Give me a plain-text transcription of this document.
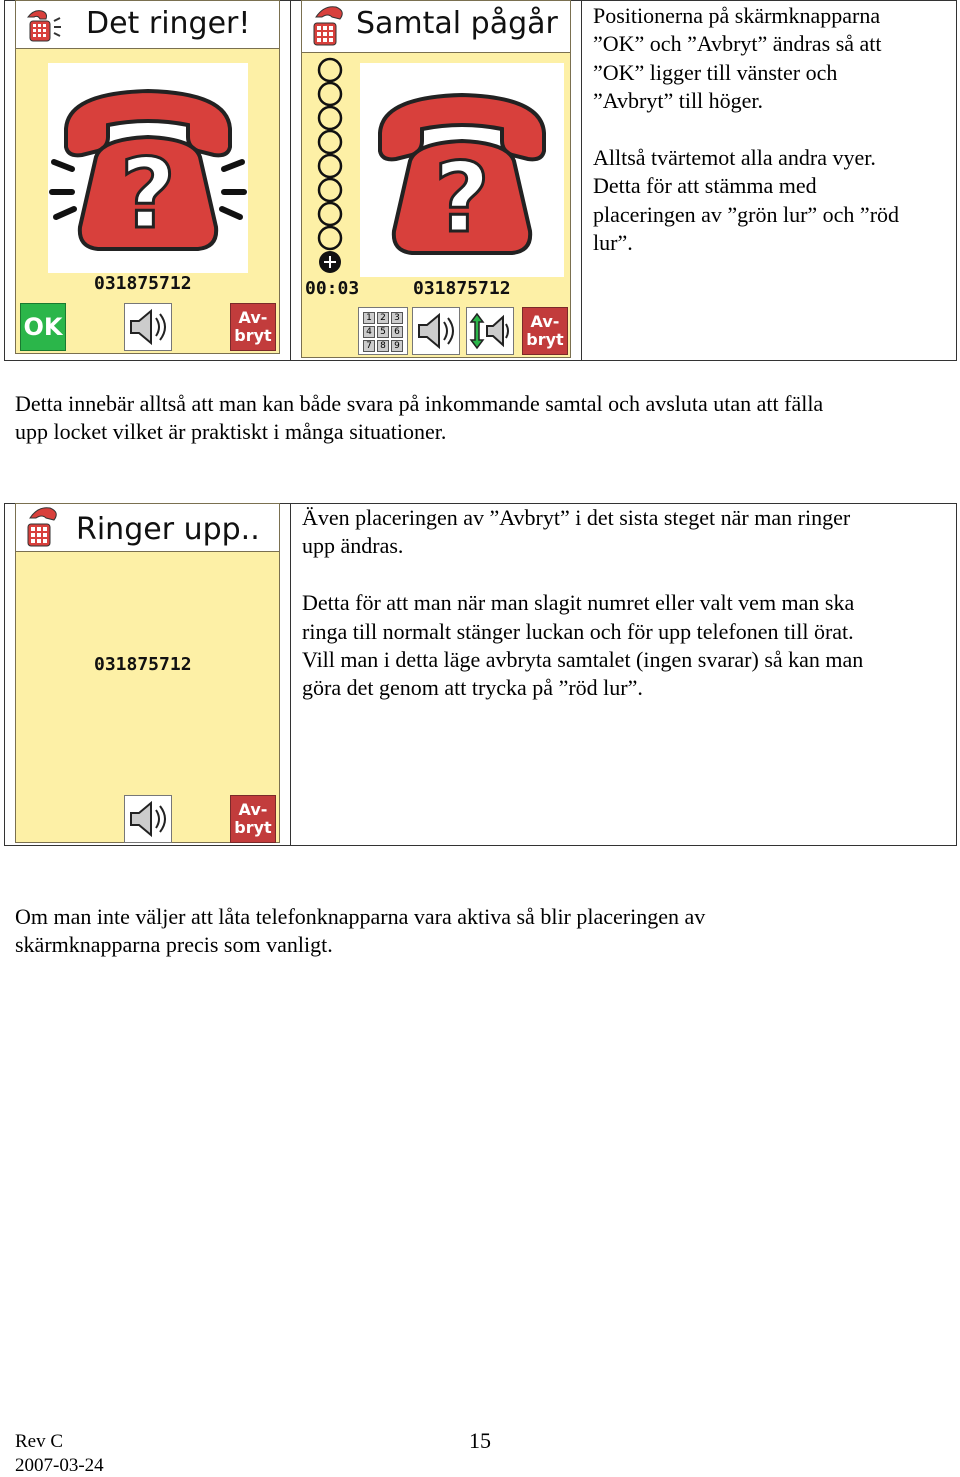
Det ringer!
?
031875712
OK	Av-
bryt
Samtal pågår
?
00:03	031875712
1 2 3
4 5 6
7 8 9
Av-
bryt

Positionerna på skärmknapparna

”OK” och ”Avbryt” ändras så att

”OK” ligger till vänster och

”Avbryt” till höger.

Alltså tvärtemot alla andra vyer.

Detta för att stämma med

placeringen av ”grön lur” och ”röd

lur”.

Detta innebär alltså att man kan både svara på inkommande samtal och avsluta utan att fälla

upp locket vilket är praktiskt i många situationer.

Ringer upp..
031875712
Av-
bryt

Även placeringen av ”Avbryt” i det sista steget när man ringer

upp ändras.

Detta för att man när man slagit numret eller valt vem man ska

ringa till normalt stänger luckan och för upp telefonen till örat.

Vill man i detta läge avbryta samtalet (ingen svarar) så kan man

göra det genom att trycka på ”röd lur”.

Om man inte väljer att låta telefonknapparna vara aktiva så blir placeringen av

skärmknapparna precis som vanligt.

Rev C
2007-03-24
15
